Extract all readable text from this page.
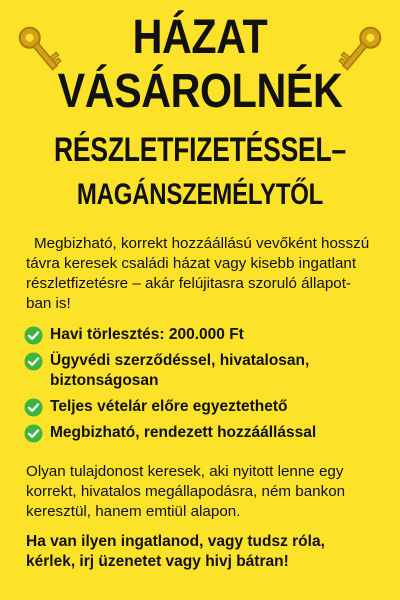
HÁZAT
VÁSÁROLNÉK
RÉSZLETFIZETÉSSEL–
MAGÁNSZEMÉLYTŐL

Megbizható, korrekt hozzáállású vevőként hosszú távra keresek családi házat vagy kisebb ingatlant részletfizetésre – akár felújitasra szoruló állapot-ban is!

Havi törlesztés: 200.000 Ft
Ügyvédi szerződéssel, hivatalosan, biztonságosan
Teljes vételár előre egyeztethető
Megbizható, rendezett hozzáállással

Olyan tulajdonost keresek, aki nyitott lenne egy korrekt, hivatalos megállapodásra, ném bankon keresztül, hanem emtiül alapon.

Ha van ilyen ingatlanod, vagy tudsz róla, kérlek, irj üzenetet vagy hivj bátran!
